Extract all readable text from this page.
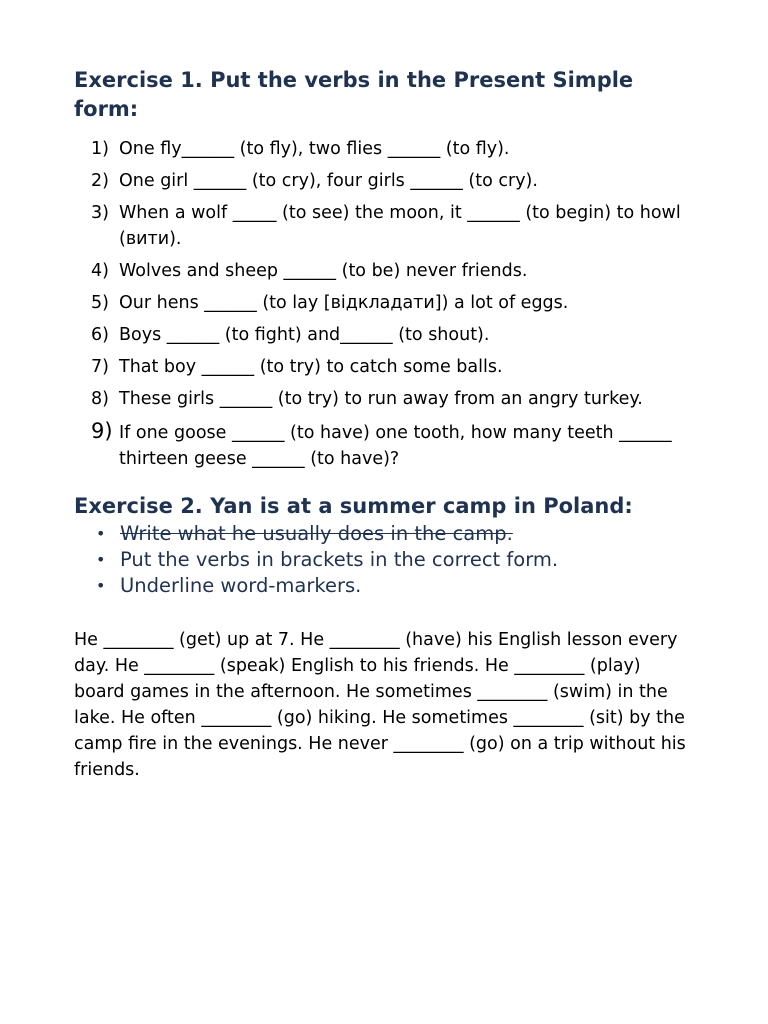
Exercise 1. Put the verbs in the Present Simple form:
1) One fly______ (to fly), two flies ______ (to fly).
2) One girl ______ (to cry), four girls ______ (to cry).
3) When a wolf _____ (to see) the moon, it ______ (to begin) to howl (вити).
4) Wolves and sheep ______ (to be) never friends.
5) Our hens ______ (to lay [відкладати]) a lot of eggs.
6) Boys ______ (to fight) and______ (to shout).
7) That boy ______ (to try) to catch some balls.
8) These girls ______ (to try) to run away from an angry turkey.
9) If one goose ______ (to have) one tooth, how many teeth ______ thirteen geese ______ (to have)?
Exercise 2. Yan is at a summer camp in Poland:
• Write what he usually does in the camp.
• Put the verbs in brackets in the correct form.
• Underline word-markers.

He ________ (get) up at 7. He ________ (have) his English lesson every day. He ________ (speak) English to his friends. He ________ (play) board games in the afternoon. He sometimes ________ (swim) in the lake. He often ________ (go) hiking. He sometimes ________ (sit) by the camp fire in the evenings. He never ________ (go) on a trip without his friends.
